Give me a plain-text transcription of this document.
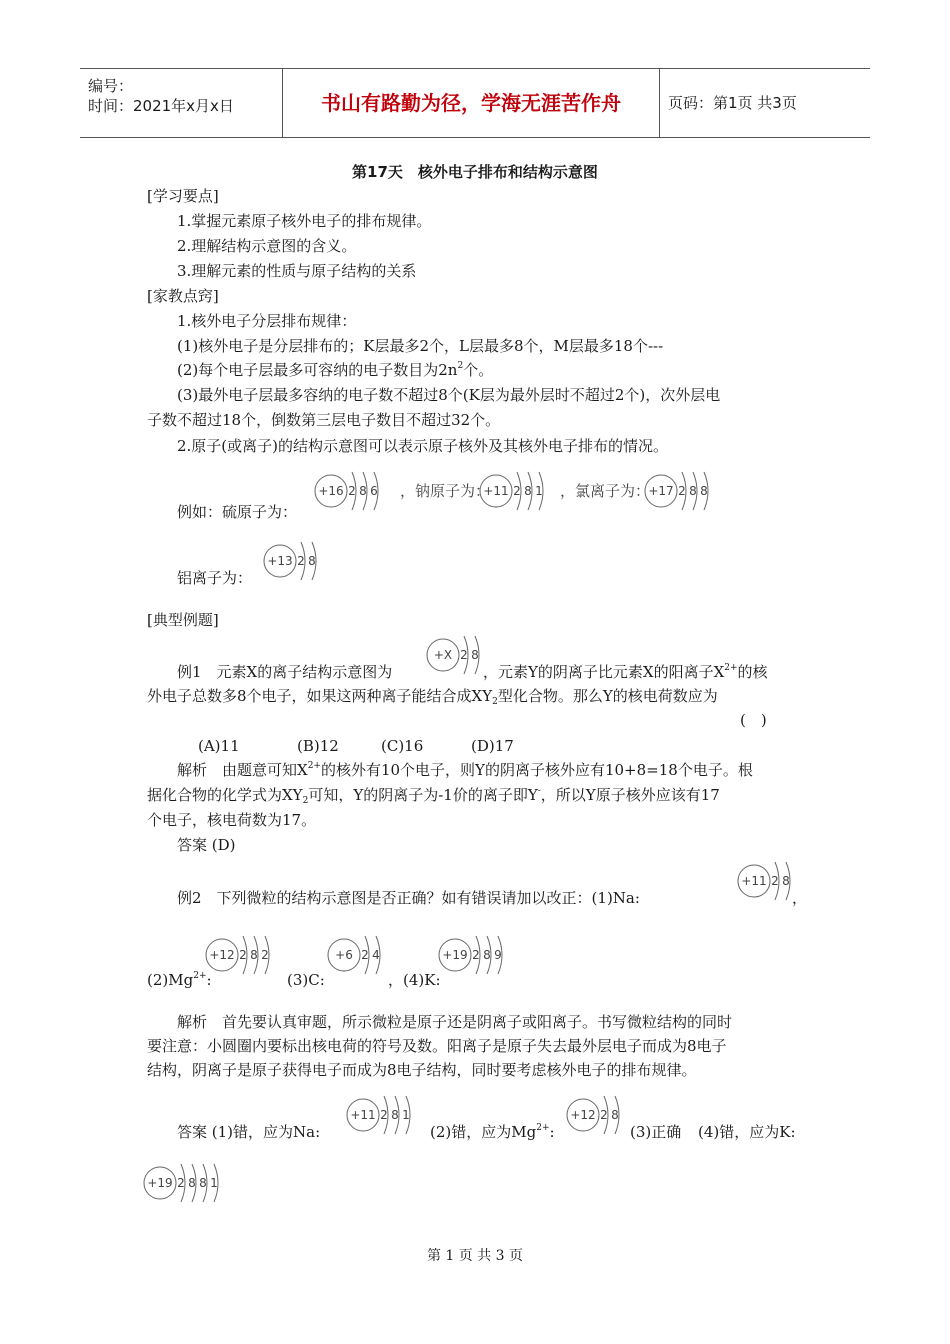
编号：
时间：2021年x月x日	书山有路勤为径，学海无涯苦作舟	页码：第1页 共3页
第17天　核外电子排布和结构示意图
[学习要点]
1.掌握元素原子核外电子的排布规律。
2.理解结构示意图的含义。
3.理解元素的性质与原子结构的关系
[家教点窍]
1.核外电子分层排布规律：
(1)核外电子是分层排布的；K层最多2个，L层最多8个，M层最多18个---
(2)每个电子层最多可容纳的电子数目为$2n^2$个。
(3)最外电子层最多容纳的电子数不超过8个(K层为最外层时不超过2个)，次外层电
子数不超过18个，倒数第三层电子数目不超过32个。
2.原子(或离子)的结构示意图可以表示原子核外及其核外电子排布的情况。
例如：硫原子为：
+16 2 8 6 ，钠原子为：
+11 2 8 1 ，氯离子为：
+17 2 8 8
+13 2 8
铝离子为：
[典型例题]
+X 2 8
例1　元素X的离子结构示意图为	，元素Y的阴离子比元素X的阳离子$X^{2+}$的核
外电子总数多8个电子，如果这两种离子能结合成$XY_2$型化合物。那么Y的核电荷数应为
(　)
(A)11	(B)12	(C)16	(D)17
解析　由题意可知$X^{2+}$的核外有10个电子，则Y的阴离子核外应有10+8=18个电子。根
据化合物的化学式为$XY_2$可知，Y的阴离子为-1价的离子即Y-，所以Y原子核外应该有17
个电子，核电荷数为17。
答案 (D)
+11 2 8
例2　下列微粒的结构示意图是否正确？如有错误请加以改正：(1)Na:	，
+12 2 8 2	+6 2 4	+19 2 8 9
$(2)Mg^{2+}$:	(3)C:	，(4)K:
解析　首先要认真审题，所示微粒是原子还是阴离子或阳离子。书写微粒结构的同时
要注意：小圆圈内要标出核电荷的符号及数。阳离子是原子失去最外层电子而成为8电子
结构，阴离子是原子获得电子而成为8电子结构，同时要考虑核外电子的排布规律。
+11 2 8 1	+12 2 8
答案 (1)错，应为Na:	(2)错，应为$Mg^{2+}$:	(3)正确 (4)错，应为K:
+19 2 8 8 1
第 1 页 共 3 页
